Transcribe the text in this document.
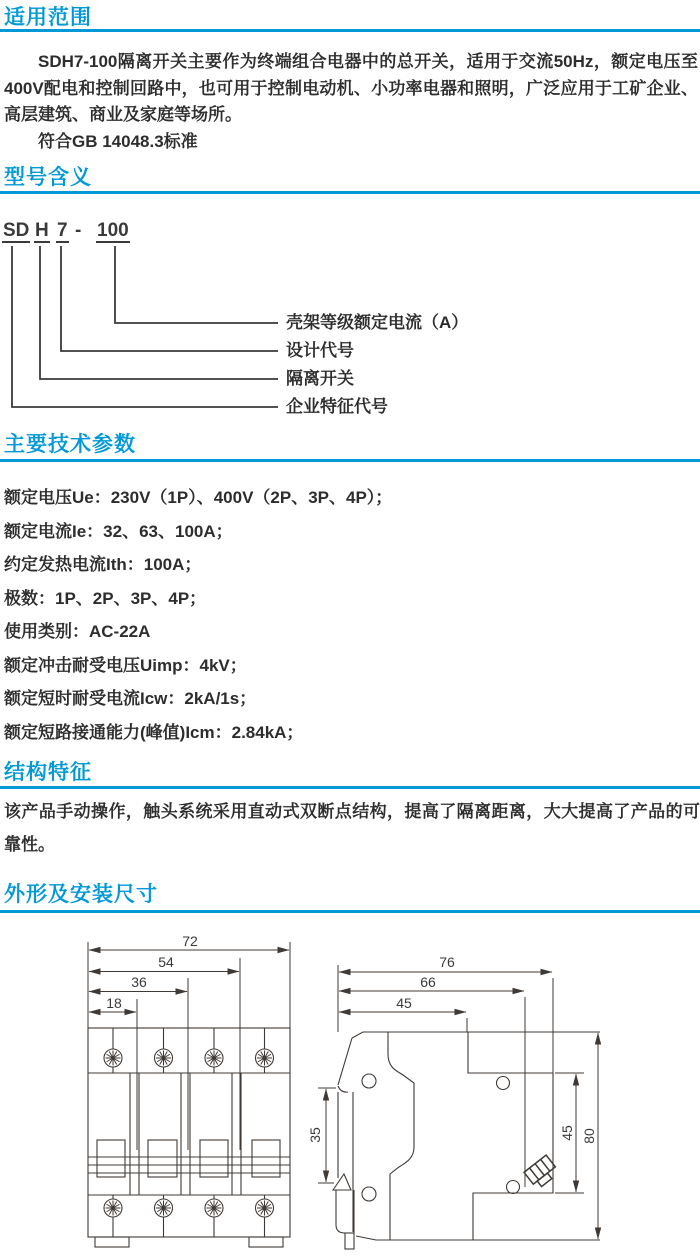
适用范围
SDH7-100隔离开关主要作为终端组合电器中的总开关，适用于交流50Hz，额定电压至400V配电和控制回路中，也可用于控制电动机、小功率电器和照明，广泛应用于工矿企业、高层建筑、商业及家庭等场所。
符合GB 14048.3标准
型号含义
SD H 7 - 100
壳架等级额定电流（A）
设计代号
隔离开关
企业特征代号
主要技术参数
额定电压Ue：230V（1P）、400V（2P、3P、4P）；
额定电流Ie：32、63、100A；
约定发热电流Ith：100A；
极数：1P、2P、3P、4P；
使用类别：AC-22A
额定冲击耐受电压Uimp：4kV；
额定短时耐受电流Icw：2kA/1s；
额定短路接通能力(峰值)Icm：2.84kA；
结构特征
该产品手动操作，触头系统采用直动式双断点结构，提高了隔离距离，大大提高了产品的可靠性。
外形及安装尺寸
72
54
36
18
76
66
45
35	45 80
